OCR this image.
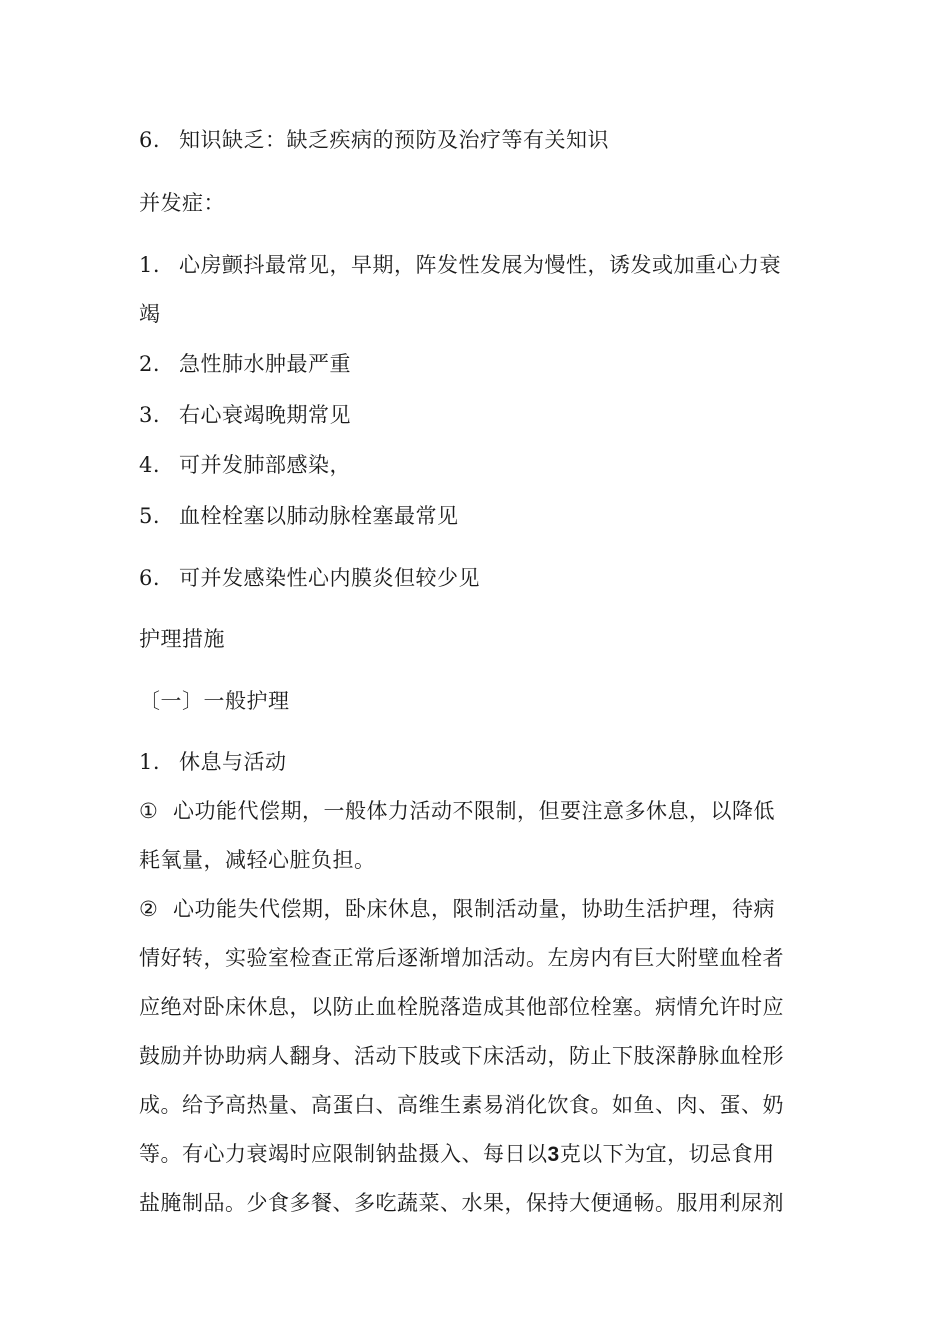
6. 知识缺乏：缺乏疾病的预防及治疗等有关知识
并发症：
1. 心房颤抖最常见，早期，阵发性发展为慢性，诱发或加重心力衰
竭
2. 急性肺水肿最严重
3. 右心衰竭晚期常见
4. 可并发肺部感染，
5. 血栓栓塞以肺动脉栓塞最常见
6. 可并发感染性心内膜炎但较少见
护理措施
〔一〕一般护理
1. 休息与活动
① 心功能代偿期，一般体力活动不限制，但要注意多休息，以降低
耗氧量，减轻心脏负担。
② 心功能失代偿期，卧床休息，限制活动量，协助生活护理，待病
情好转，实验室检查正常后逐渐增加活动。左房内有巨大附壁血栓者
应绝对卧床休息，以防止血栓脱落造成其他部位栓塞。病情允许时应
鼓励并协助病人翻身、活动下肢或下床活动，防止下肢深静脉血栓形
成。给予高热量、高蛋白、高维生素易消化饮食。如鱼、肉、蛋、奶
等。有心力衰竭时应限制钠盐摄入、每日以3克以下为宜，切忌食用
盐腌制品。少食多餐、多吃蔬菜、水果，保持大便通畅。服用利尿剂
